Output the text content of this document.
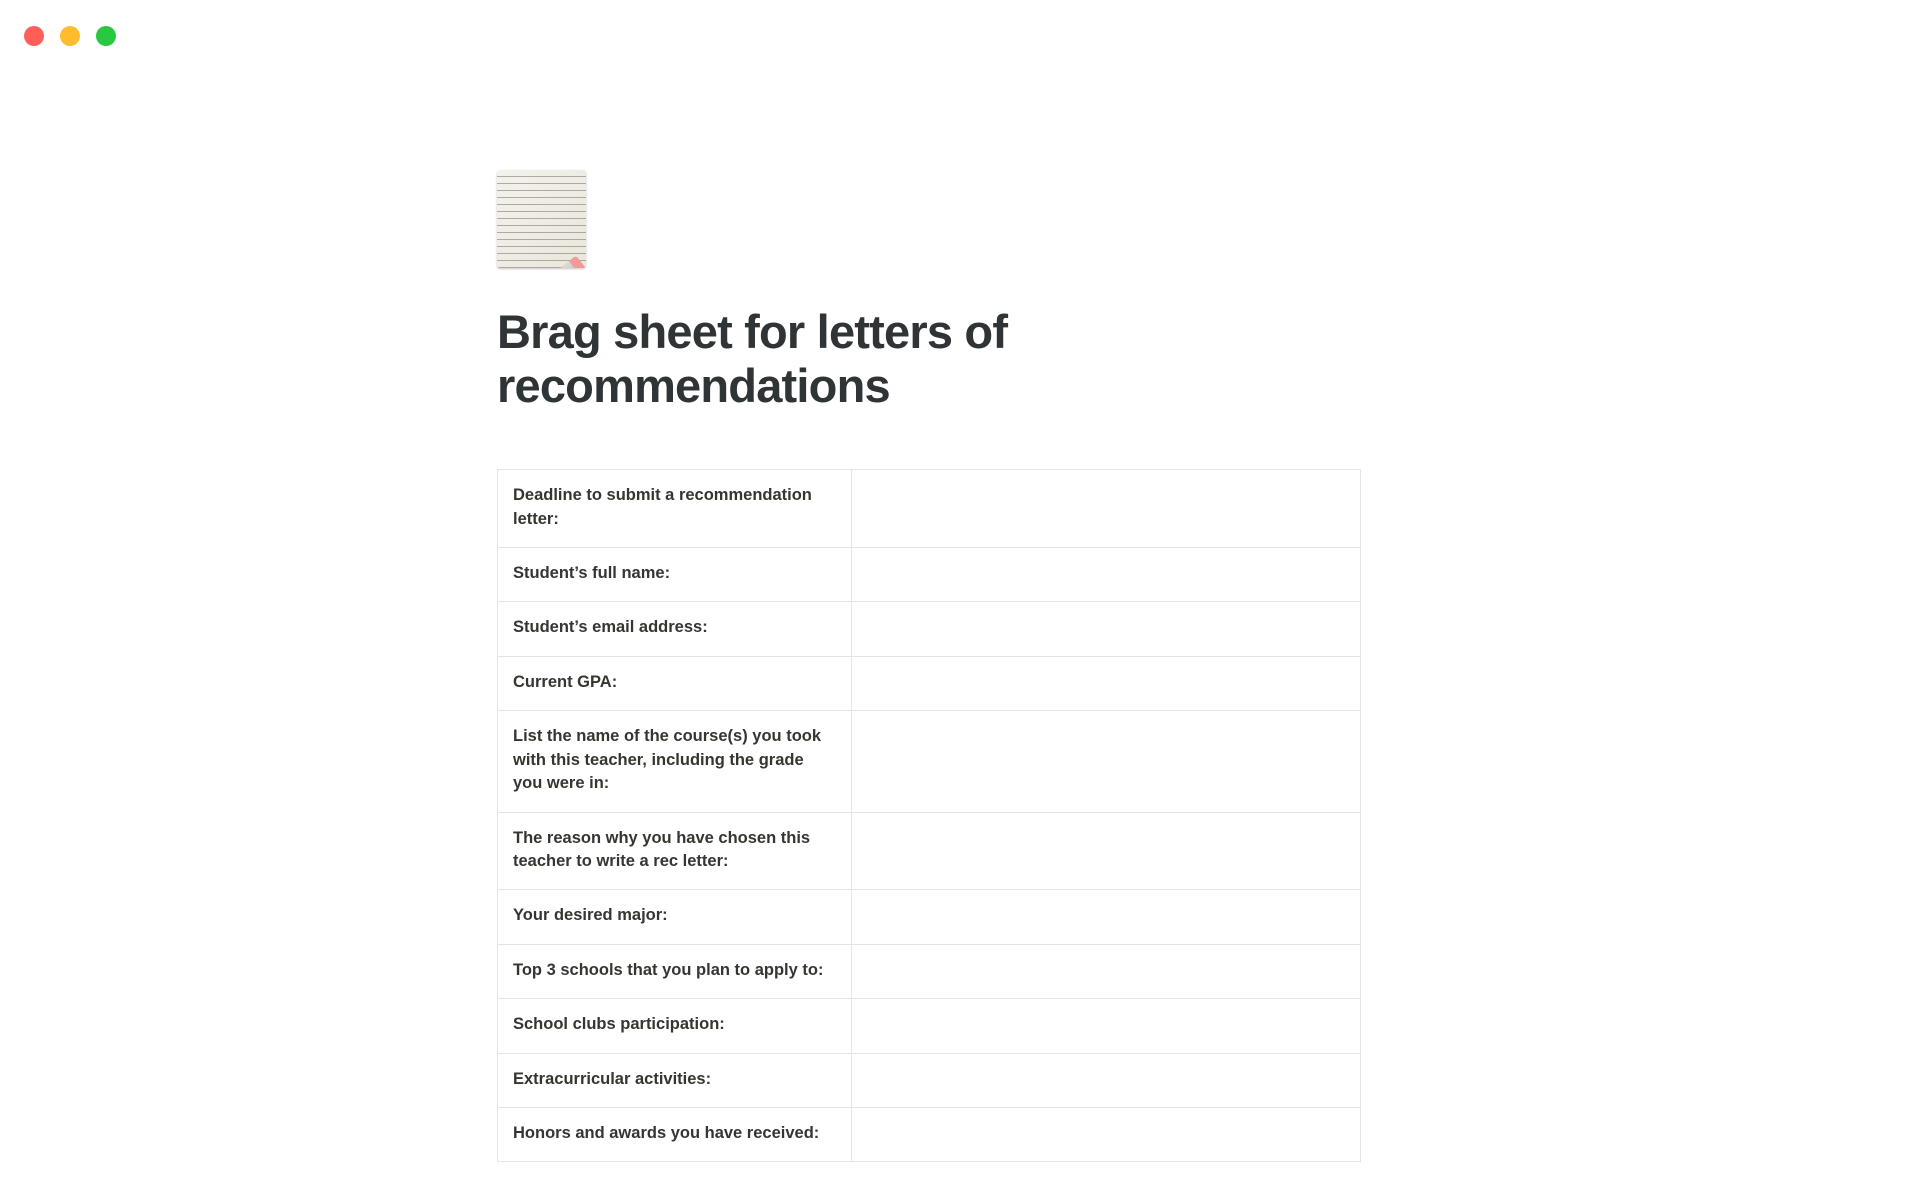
Brag sheet for letters of recommendations
Deadline to submit a recommendation letter:	
Student’s full name:	
Student’s email address:	
Current GPA:	
List the name of the course(s) you took with this teacher, including the grade you were in:	
The reason why you have chosen this teacher to write a rec letter:	
Your desired major:	
Top 3 schools that you plan to apply to:	
School clubs participation:	
Extracurricular activities:	
Honors and awards you have received:	
